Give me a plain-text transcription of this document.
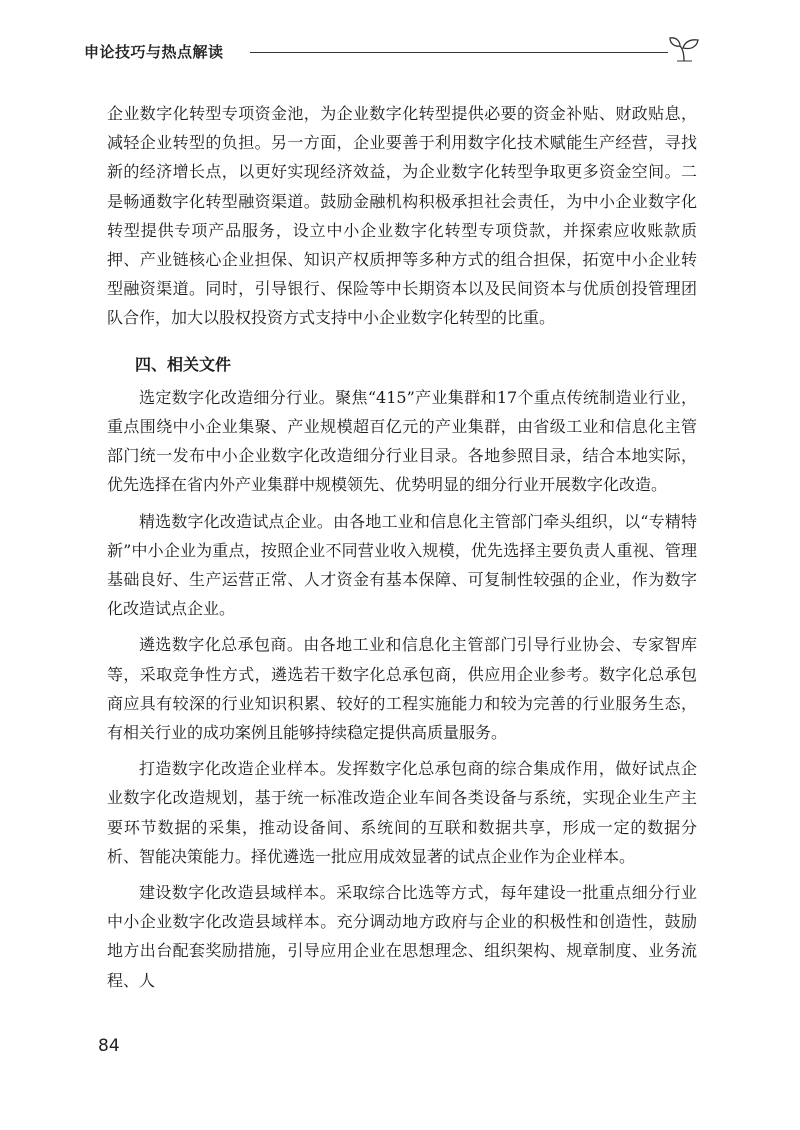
申论技巧与热点解读

企业数字化转型专项资金池，为企业数字化转型提供必要的资金补贴、财政贴息，减轻企业转型的负担。另一方面，企业要善于利用数字化技术赋能生产经营，寻找新的经济增长点，以更好实现经济效益，为企业数字化转型争取更多资金空间。二是畅通数字化转型融资渠道。鼓励金融机构积极承担社会责任，为中小企业数字化转型提供专项产品服务，设立中小企业数字化转型专项贷款，并探索应收账款质押、产业链核心企业担保、知识产权质押等多种方式的组合担保，拓宽中小企业转型融资渠道。同时，引导银行、保险等中长期资本以及民间资本与优质创投管理团队合作，加大以股权投资方式支持中小企业数字化转型的比重。

四、相关文件

选定数字化改造细分行业。聚焦“415”产业集群和17个重点传统制造业行业，重点围绕中小企业集聚、产业规模超百亿元的产业集群，由省级工业和信息化主管部门统一发布中小企业数字化改造细分行业目录。各地参照目录，结合本地实际，优先选择在省内外产业集群中规模领先、优势明显的细分行业开展数字化改造。

精选数字化改造试点企业。由各地工业和信息化主管部门牵头组织，以“专精特新”中小企业为重点，按照企业不同营业收入规模，优先选择主要负责人重视、管理基础良好、生产运营正常、人才资金有基本保障、可复制性较强的企业，作为数字化改造试点企业。

遴选数字化总承包商。由各地工业和信息化主管部门引导行业协会、专家智库等，采取竞争性方式，遴选若干数字化总承包商，供应用企业参考。数字化总承包商应具有较深的行业知识积累、较好的工程实施能力和较为完善的行业服务生态，有相关行业的成功案例且能够持续稳定提供高质量服务。

打造数字化改造企业样本。发挥数字化总承包商的综合集成作用，做好试点企业数字化改造规划，基于统一标准改造企业车间各类设备与系统，实现企业生产主要环节数据的采集，推动设备间、系统间的互联和数据共享，形成一定的数据分析、智能决策能力。择优遴选一批应用成效显著的试点企业作为企业样本。

建设数字化改造县域样本。采取综合比选等方式，每年建设一批重点细分行业中小企业数字化改造县域样本。充分调动地方政府与企业的积极性和创造性，鼓励地方出台配套奖励措施，引导应用企业在思想理念、组织架构、规章制度、业务流程、人

84
